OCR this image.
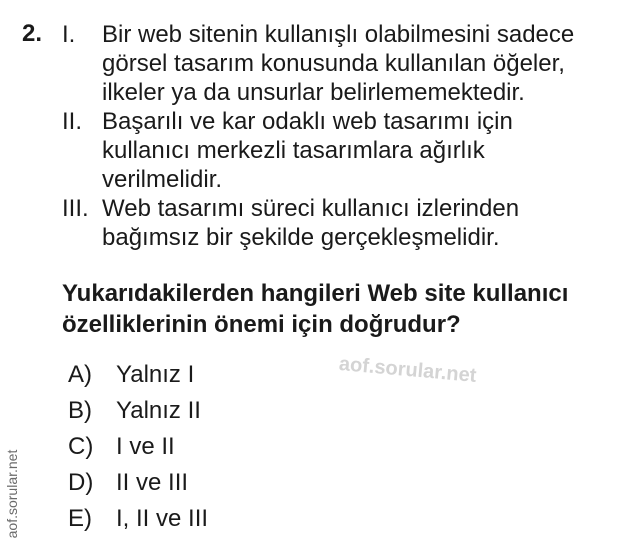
2. I. Bir web sitenin kullanışlı olabilmesini sadece
görsel tasarım konusunda kullanılan öğeler,
ilkeler ya da unsurlar belirlememektedir.
II. Başarılı ve kar odaklı web tasarımı için
kullanıcı merkezli tasarımlara ağırlık
verilmelidir.
III. Web tasarımı süreci kullanıcı izlerinden
bağımsız bir şekilde gerçekleşmelidir.
Yukarıdakilerden hangileri Web site kullanıcı
özelliklerinin önemi için doğrudur?
aof.sorular.net
A) Yalnız I
B) Yalnız II
C) I ve II
D) II ve III
E) I, II ve III
aof.sorular.net
